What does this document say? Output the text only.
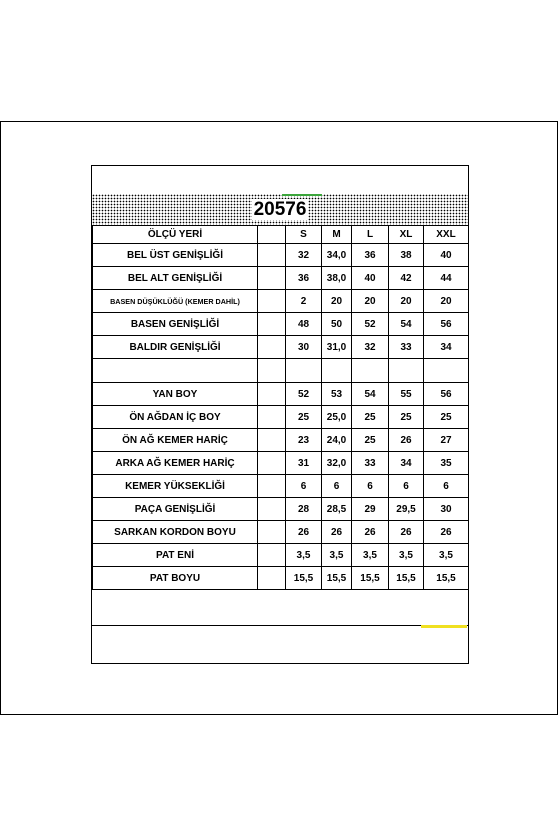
20576
ÖLÇÜ YERİ		S	M	L	XL	XXL
BEL ÜST GENİŞLİĞİ		32	34,0	36	38	40
BEL ALT GENİŞLİĞİ		36	38,0	40	42	44
BASEN DÜŞÜKLÜĞÜ (KEMER DAHİL)		2	20	20	20	20
BASEN GENİŞLİĞİ		48	50	52	54	56
BALDIR GENİŞLİĞİ		30	31,0	32	33	34

YAN BOY		52	53	54	55	56
ÖN AĞDAN İÇ BOY		25	25,0	25	25	25
ÖN AĞ KEMER HARİÇ		23	24,0	25	26	27
ARKA AĞ KEMER HARİÇ		31	32,0	33	34	35
KEMER YÜKSEKLİĞİ		6	6	6	6	6
PAÇA GENİŞLİĞİ		28	28,5	29	29,5	30
SARKAN KORDON BOYU		26	26	26	26	26
PAT ENİ		3,5	3,5	3,5	3,5	3,5
PAT BOYU		15,5	15,5	15,5	15,5	15,5
